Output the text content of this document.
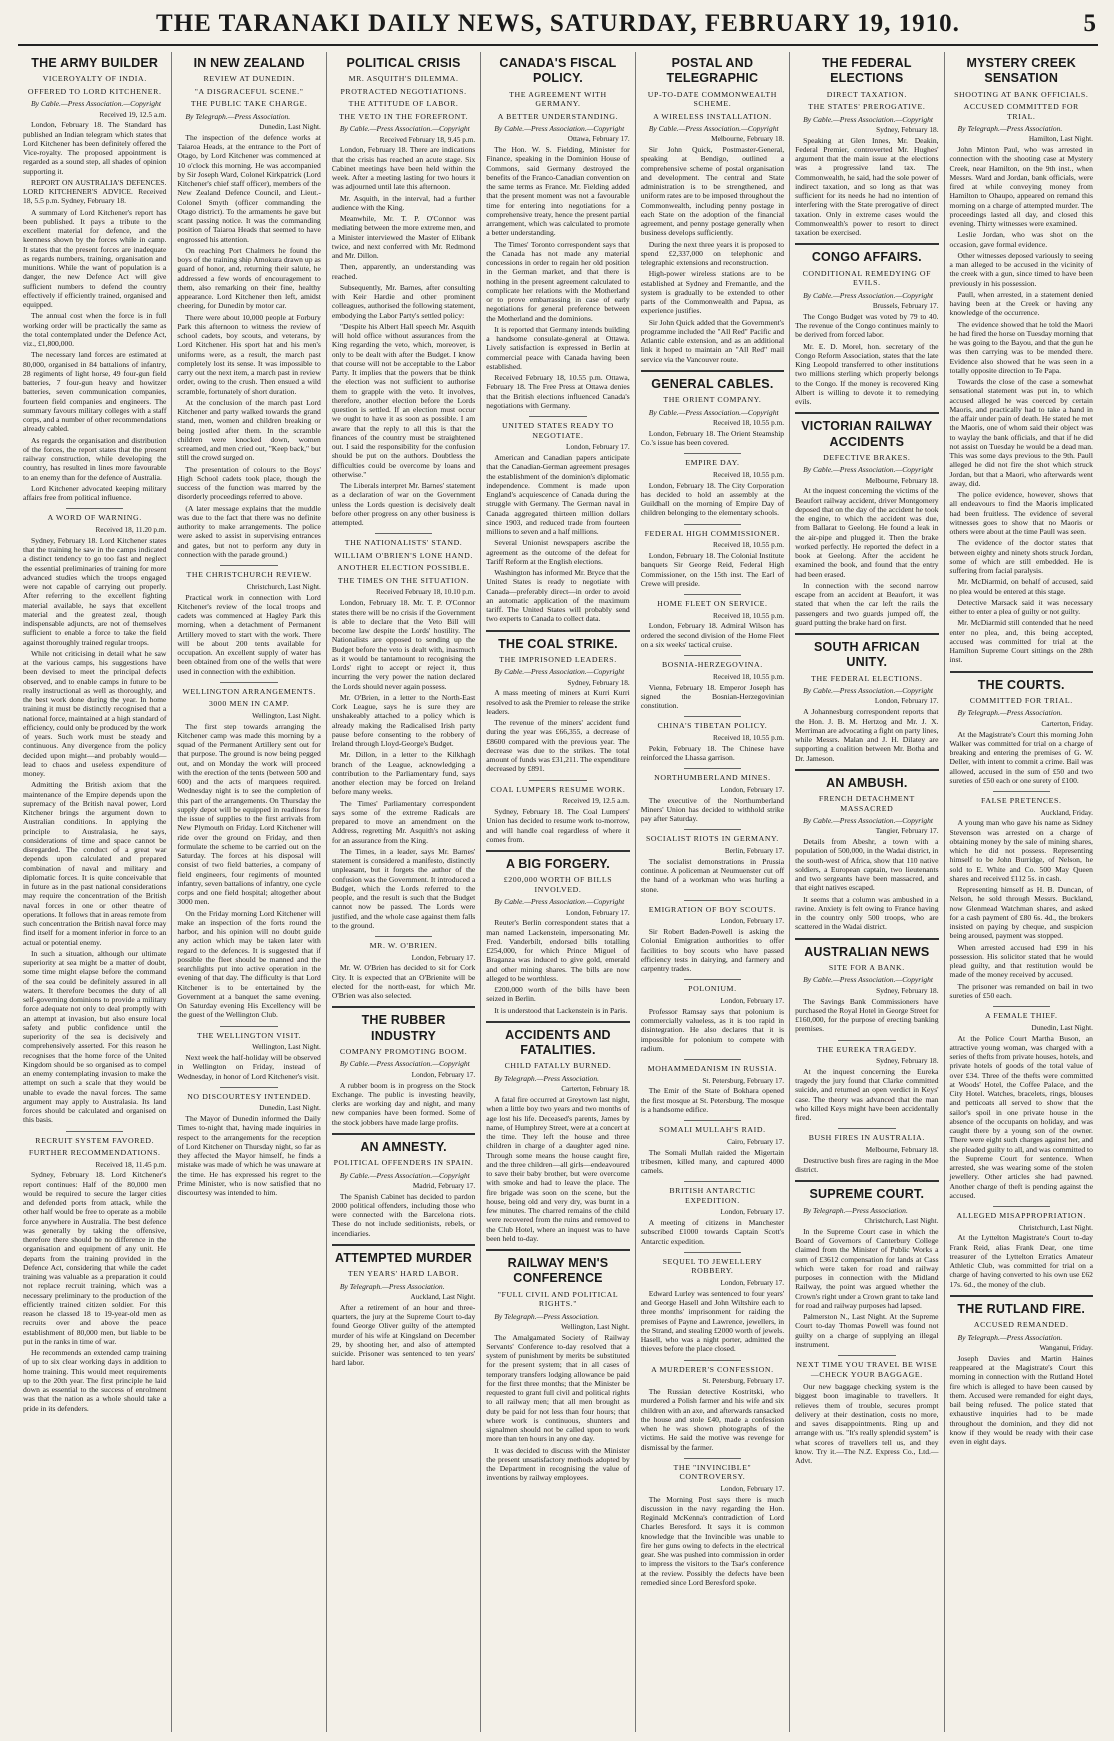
THE TARANAKI DAILY NEWS, SATURDAY, FEBRUARY 19, 1910.	5
THE ARMY BUILDER
VICEROYALTY OF INDIA.
OFFERED TO LORD KITCHENER.
By Cable.—Press Association.—Copyright
Received 19, 12.5 a.m.

London, February 18. The Standard has published an Indian telegram which states that Lord Kitchener has been definitely offered the Vice-royalty. The proposed appointment is regarded as a sound step, all shades of opinion supporting it.

REPORT ON AUSTRALIA'S DEFENCES. LORD KITCHENER'S ADVICE. Received 18, 5.5 p.m. Sydney, February 18.

A summary of Lord Kitchener's report has been published. It pays a tribute to the excellent material for defence, and the keenness shown by the forces while in camp. It states that the present forces are inadequate as regards numbers, training, organisation and munitions. While the want of population is a danger, the new Defence Act will give sufficient numbers to defend the country effectively if efficiently trained, organised and equipped.

The annual cost when the force is in full working order will be practically the same as the total contemplated under the Defence Act, viz., £1,800,000.

The necessary land forces are estimated at 80,000, organised in 84 battalions of infantry, 28 regiments of light horse, 49 four-gun field batteries, 7 four-gun heavy and howitzer batteries, seven communication companies, fourteen field companies and engineers. The summary favours military colleges with a staff corps, and a number of other recommendations already cabled.

As regards the organisation and distribution of the forces, the report states that the present railway construction, while developing the country, has resulted in lines more favourable to an enemy than for the defence of Australia.

Lord Kitchener advocated keeping military affairs free from political influence.

A WORD OF WARNING.
Received 18, 11.20 p.m.

Sydney, February 18. Lord Kitchener states that the training he saw in the camps indicated a distinct tendency to go too fast and neglect the essential preliminaries of training for more advanced studies which the troops engaged were not capable of carrying out properly. After referring to the excellent fighting material available, he says that excellent material and the greatest zeal, though indispensable adjuncts, are not of themselves sufficient to enable a force to take the field against thoroughly trained regular troops.

While not criticising in detail what he saw at the various camps, his suggestions have been devised to meet the principal defects observed, and to enable camps in future to be really instructional as well as thoroughly, and the best work done during the year. In home training it must be distinctly recognised that a national force, maintained at a high standard of efficiency, could only be produced by the work of years. Such work must be steady and continuous. Any divergence from the policy decided upon might—and probably would—lead to chaos and useless expenditure of money.

Admitting the British axiom that the maintenance of the Empire depends upon the supremacy of the British naval power, Lord Kitchener brings the argument down to Australian conditions. In applying the principle to Australasia, he says, considerations of time and space cannot be disregarded. The conduct of a great war depends upon calculated and prepared combination of naval and military and diplomatic forces. It is quite conceivable that in future as in the past national considerations may require the concentration of the British naval forces in one or other theatre of operations. It follows that in areas remote from such concentration the British naval force may find itself for a moment inferior in force to an actual or potential enemy.

In such a situation, although our ultimate superiority at sea might be a matter of doubt, some time might elapse before the command of the sea could be definitely assured in all waters. It therefore becomes the duty of all self-governing dominions to provide a military force adequate not only to deal promptly with an attempt at invasion, but also ensure local safety and public confidence until the superiority of the sea is decisively and comprehensively asserted. For this reason he recognises that the home force of the United Kingdom should be so organised as to compel an enemy contemplating invasion to make the attempt on such a scale that they would be unable to evade the naval forces. The same argument may apply to Australasia. Its land forces should be calculated and organised on this basis.

RECRUIT SYSTEM FAVORED.
FURTHER RECOMMENDATIONS.
Received 18, 11.45 p.m.

Sydney, February 18. Lord Kitchener's report continues: Half of the 80,000 men would be required to secure the larger cities and defended ports from attack, while the other half would be free to operate as a mobile force anywhere in Australia. The best defence was generally by taking the offensive, therefore there should be no difference in the organisation and equipment of any unit. He departs from the training provided in the Defence Act, considering that while the cadet training was valuable as a preparation it could not replace recruit training, which was a necessary preliminary to the production of the efficiently trained citizen soldier. For this reason he classed 18 to 19-year-old men as recruits over and above the peace establishment of 80,000 men, but liable to be put in the ranks in time of war.

He recommends an extended camp training of up to six clear working days in addition to home training. This would meet requirements up to the 20th year. The first principle he laid down as essential to the success of enrolment was that the nation as a whole should take a pride in its defenders.

IN NEW ZEALAND
REVIEW AT DUNEDIN.
"A DISGRACEFUL SCENE."
THE PUBLIC TAKE CHARGE.
By Telegraph.—Press Association.
Dunedin, Last Night.

The inspection of the defence works at Taiaroa Heads, at the entrance to the Port of Otago, by Lord Kitchener was commenced at 10 o'clock this morning. He was accompanied by Sir Joseph Ward, Colonel Kirkpatrick (Lord Kitchener's chief staff officer), members of the New Zealand Defence Council, and Lieut.-Colonel Smyth (officer commanding the Otago district). To the armaments he gave but scant passing notice. It was the commanding position of Taiaroa Heads that seemed to have engrossed his attention.

On reaching Port Chalmers he found the boys of the training ship Amokura drawn up as guard of honor, and, returning their salute, he addressed a few words of encouragement to them, also remarking on their fine, healthy appearance. Lord Kitchener then left, amidst cheering, for Dunedin by motor car.

There were about 10,000 people at Forbury Park this afternoon to witness the review of school cadets, boy scouts, and veterans, by Lord Kitchener. His sport hat and his men's uniforms were, as a result, the march past completely lost its sense. It was impossible to carry out the next item, a march past in review order, owing to the crush. Then ensued a wild scramble, fortunately of short duration.

At the conclusion of the march past Lord Kitchener and party walked towards the grand stand, men, women and children breaking or being jostled after them. In the scramble children were knocked down, women screamed, and men cried out, "Keep back," but still the crowd surged on.

The presentation of colours to the Boys' High School cadets took place, though the success of the function was marred by the disorderly proceedings referred to above.

(A later message explains that the muddle was due to the fact that there was no definite authority to make arrangements. The police were asked to assist in supervising entrances and gates, but not to perform any duty in connection with the parade ground.)

THE CHRISTCHURCH REVIEW.
Christchurch, Last Night.

Practical work in connection with Lord Kitchener's review of the local troops and cadets was commenced at Hagley Park this morning, when a detachment of Permanent Artillery moved to start with the work. There will be about 200 tents available for occupation. An excellent supply of water has been obtained from one of the wells that were used in connection with the exhibition.

WELLINGTON ARRANGEMENTS.
3000 MEN IN CAMP.
Wellington, Last Night.

The first step towards arranging the Kitchener camp was made this morning by a squad of the Permanent Artillery sent out for that purpose. The ground is now being pegged out, and on Monday the work will proceed with the erection of the tents (between 500 and 600) and the acts of marquees required. Wednesday night is to see the completion of this part of the arrangements. On Thursday the supply depot will be equipped in readiness for the issue of supplies to the first arrivals from New Plymouth on Friday. Lord Kitchener will ride over the ground on Friday, and then formulate the scheme to be carried out on the Saturday. The forces at his disposal will consist of two field batteries, a company of field engineers, four regiments of mounted infantry, seven battalions of infantry, one cycle corps and one field hospital; altogether about 3000 men.

On the Friday morning Lord Kitchener will make an inspection of the forts round the harbor, and his opinion will no doubt guide any action which may be taken later with regard to the defences. It is suggested that if possible the fleet should be manned and the searchlights put into active operation in the evening of that day. The difficulty is that Lord Kitchener is to be entertained by the Government at a banquet the same evening. On Saturday evening His Excellency will be the guest of the Wellington Club.

THE WELLINGTON VISIT.
Wellington, Last Night.

Next week the half-holiday will be observed in Wellington on Friday, instead of Wednesday, in honor of Lord Kitchener's visit.

NO DISCOURTESY INTENDED.
Dunedin, Last Night.

The Mayor of Dunedin informed the Daily Times to-night that, having made inquiries in respect to the arrangements for the reception of Lord Kitchener on Thursday night, so far as they affected the Mayor himself, he finds a mistake was made of which he was unaware at the time. He has expressed his regret to the Prime Minister, who is now satisfied that no discourtesy was intended to him.

POLITICAL CRISIS
MR. ASQUITH'S DILEMMA.
PROTRACTED NEGOTIATIONS.
THE ATTITUDE OF LABOR.
THE VETO IN THE FOREFRONT.
By Cable.—Press Association.—Copyright
Received February 18, 9.45 p.m.

London, February 18. There are indications that the crisis has reached an acute stage. Six Cabinet meetings have been held within the week. After a meeting lasting for two hours it was adjourned until late this afternoon.

Mr. Asquith, in the interval, had a further audience with the King.

Meanwhile, Mr. T. P. O'Connor was mediating between the more extreme men, and a Minister interviewed the Master of Elibank twice, and next conferred with Mr. Redmond and Mr. Dillon.

Then, apparently, an understanding was reached.

Subsequently, Mr. Barnes, after consulting with Keir Hardie and other prominent colleagues, authorised the following statement, embodying the Labor Party's settled policy:

"Despite his Albert Hall speech Mr. Asquith will hold office without assurances from the King regarding the veto, which, moreover, is only to be dealt with after the Budget. I know that course will not be acceptable to the Labor Party. It implies that the powers that be think the election was not sufficient to authorise them to grapple with the veto. It involves, therefore, another election before the Lords question is settled. If an election must occur we ought to have it as soon as possible. I am aware that the reply to all this is that the finances of the country must be straightened out. I said the responsibility for the confusion should be put on the authors. Doubtless the difficulties could be overcome by loans and otherwise."

The Liberals interpret Mr. Barnes' statement as a declaration of war on the Government unless the Lords question is decisively dealt before other progress on any other business is attempted.

THE NATIONALISTS' STAND.
WILLIAM O'BRIEN'S LONE HAND.
ANOTHER ELECTION POSSIBLE.
THE TIMES ON THE SITUATION.
Received February 18, 10.10 p.m.

London, February 18. Mr. T. P. O'Connor states there will be no crisis if the Government is able to declare that the Veto Bill will become law despite the Lords' hostility. The Nationalists are opposed to sending up the Budget before the veto is dealt with, inasmuch as it would be tantamount to recognising the Lords' right to accept or reject it, thus incurring the very power the nation declared the Lords should never again possess.

Mr. O'Brien, in a letter to the North-East Cork League, says he is sure they are unshakeably attached to a policy which is already making the Radicalised Irish party pause before consenting to the robbery of Ireland through Lloyd-George's Budget.

Mr. Dillon, in a letter to the Kilkhagh branch of the League, acknowledging a contribution to the Parliamentary fund, says another election may be forced on Ireland before many weeks.

The Times' Parliamentary correspondent says some of the extreme Radicals are prepared to move an amendment on the Address, regretting Mr. Asquith's not asking for an assurance from the King.

The Times, in a leader, says Mr. Barnes' statement is considered a manifesto, distinctly unpleasant, but it forgets the author of the confusion was the Government. It introduced a Budget, which the Lords referred to the people, and the result is such that the Budget cannot now be passed. The Lords were justified, and the whole case against them falls to the ground.

MR. W. O'BRIEN.
London, February 17.

Mr. W. O'Brien has decided to sit for Cork City. It is expected that an O'Brienite will be elected for the north-east, for which Mr. O'Brien was also selected.

THE RUBBER INDUSTRY
COMPANY PROMOTING BOOM.
By Cable.—Press Association.—Copyright
London, February 17.

A rubber boom is in progress on the Stock Exchange. The public is investing heavily, clerks are working day and night, and many new companies have been formed. Some of the stock jobbers have made large profits.

AN AMNESTY.
POLITICAL OFFENDERS IN SPAIN.
By Cable.—Press Association.—Copyright
Madrid, February 17.

The Spanish Cabinet has decided to pardon 2000 political offenders, including those who were connected with the Barcelona riots. These do not include seditionists, rebels, or incendiaries.

ATTEMPTED MURDER
TEN YEARS' HARD LABOR.
By Telegraph.—Press Association.
Auckland, Last Night.

After a retirement of an hour and three-quarters, the jury at the Supreme Court to-day found George Oliver guilty of the attempted murder of his wife at Kingsland on December 29, by shooting her, and also of attempted suicide. Prisoner was sentenced to ten years' hard labor.

CANADA'S FISCAL POLICY.
THE AGREEMENT WITH GERMANY.
A BETTER UNDERSTANDING.
By Cable.—Press Association.—Copyright
Ottawa, February 17.

The Hon. W. S. Fielding, Minister for Finance, speaking in the Dominion House of Commons, said Germany destroyed the benefits of the Franco-Canadian convention on the same terms as France. Mr. Fielding added that the present moment was not a favourable time for entering into negotiations for a comprehensive treaty, hence the present partial arrangement, which was calculated to promote a better understanding.

The Times' Toronto correspondent says that the Canada has not made any material concessions in order to regain her old position in the German market, and that there is nothing in the present agreement calculated to complicate her relations with the Motherland or to prove embarrassing in case of early negotiations for general preference between the Motherland and the dominions.

It is reported that Germany intends building a handsome consulate-general at Ottawa. Lively satisfaction is expressed in Berlin at commercial peace with Canada having been established.

Received February 18, 10.55 p.m. Ottawa, February 18. The Free Press at Ottawa denies that the British elections influenced Canada's negotiations with Germany.

UNITED STATES READY TO NEGOTIATE.
London, February 17.

American and Canadian papers anticipate that the Canadian-German agreement presages the establishment of the dominion's diplomatic independence. Comment is made upon England's acquiescence of Canada during the struggle with Germany. The German naval in Canada aggregated thirteen million dollars since 1903, and reduced trade from fourteen millions to seven and a half millions.

Several Unionist newspapers ascribe the agreement as the outcome of the defeat for Tariff Reform at the English elections.

Washington has informed Mr. Bryce that the United States is ready to negotiate with Canada—preferably direct—in order to avoid an automatic application of the maximum tariff. The United States will probably send two experts to Canada to collect data.

THE COAL STRIKE.
THE IMPRISONED LEADERS.
By Cable.—Press Association.—Copyright
Sydney, February 18.

A mass meeting of miners at Kurri Kurri resolved to ask the Premier to release the strike leaders.

The revenue of the miners' accident fund during the year was £66,355, a decrease of £8600 compared with the previous year. The decrease was due to the strikes. The total amount of funds was £31,211. The expenditure decreased by £891.

COAL LUMPERS RESUME WORK.
Received 19, 12.5 a.m.

Sydney, February 18. The Coal Lumpers' Union has decided to resume work to-morrow, and will handle coal regardless of where it comes from.

A BIG FORGERY.
£200,000 WORTH OF BILLS INVOLVED.
By Cable.—Press Association.—Copyright
London, February 17.

Reuter's Berlin correspondent states that a man named Lackenstein, impersonating Mr. Fred. Vanderbilt, endorsed bills totalling £254,000, for which Prince Miguel of Braganza was induced to give gold, emerald and other mining shares. The bills are now alleged to be worthless.

£200,000 worth of the bills have been seized in Berlin.

It is understood that Lackenstein is in Paris.

ACCIDENTS AND FATALITIES.
CHILD FATALLY BURNED.
By Telegraph.—Press Association.
Carterton, February 18.

A fatal fire occurred at Greytown last night, when a little boy two years and two months of age lost his life. Deceased's parents, James by name, of Humphrey Street, were at a concert at the time. They left the house and three children in charge of a daughter aged nine. Through some means the house caught fire, and the three children—all girls—endeavoured to save their baby brother, but were overcome with smoke and had to leave the place. The fire brigade was soon on the scene, but the house, being old and very dry, was burnt in a few minutes. The charred remains of the child were recovered from the ruins and removed to the Club Hotel, where an inquest was to have been held to-day.

RAILWAY MEN'S CONFERENCE
"FULL CIVIL AND POLITICAL RIGHTS."
By Telegraph.—Press Association.
Wellington, Last Night.

The Amalgamated Society of Railway Servants' Conference to-day resolved that a system of punishment by merits be substituted for the present system; that in all cases of temporary transfers lodging allowance be paid for the first three months; that the Minister be requested to grant full civil and political rights to all railway men; that all men brought as duty be paid for not less than four hours; that where work is continuous, shunters and signalmen should not be called upon to work more than ten hours in any one day.

It was decided to discuss with the Minister the present unsatisfactory methods adopted by the Department in recognising the value of inventions by railway employees.

POSTAL AND TELEGRAPHIC
UP-TO-DATE COMMONWEALTH SCHEME.
A WIRELESS INSTALLATION.
By Cable.—Press Association.—Copyright
Melbourne, February 18.

Sir John Quick, Postmaster-General, speaking at Bendigo, outlined a comprehensive scheme of postal organisation and development. The central and State administration is to be strengthened, and uniform rates are to be imposed throughout the Commonwealth, including penny postage in each State on the adoption of the financial agreement, and penny postage generally when business develops sufficiently.

During the next three years it is proposed to spend £2,337,000 on telephonic and telegraphic extensions and reconstruction.

High-power wireless stations are to be established at Sydney and Fremantle, and the system is gradually to be extended to other parts of the Commonwealth and Papua, as experience justifies.

Sir John Quick added that the Government's programme included the "All Red" Pacific and Atlantic cable extension, and as an additional link it hoped to maintain an "All Red" mail service via the Vancouver route.

GENERAL CABLES.
THE ORIENT COMPANY.
By Cable.—Press Association.—Copyright
Received 18, 10.55 p.m.

London, February 18. The Orient Steamship Co.'s issue has been covered.

EMPIRE DAY.
Received 18, 10.55 p.m.

London, February 18. The City Corporation has decided to hold an assembly at the Guildhall on the morning of Empire Day of children belonging to the elementary schools.

FEDERAL HIGH COMMISSIONER.
Received 18, 10.55 p.m.

London, February 18. The Colonial Institute banquets Sir George Reid, Federal High Commissioner, on the 15th inst. The Earl of Crewe will preside.

HOME FLEET ON SERVICE.
Received 18, 10.55 p.m.

London, February 18. Admiral Wilson has ordered the second division of the Home Fleet on a six weeks' tactical cruise.

BOSNIA-HERZEGOVINA.
Received 18, 10.55 p.m.

Vienna, February 18. Emperor Joseph has signed the Bosnian-Herzegovinian constitution.

CHINA'S TIBETAN POLICY.
Received 18, 10.55 p.m.

Pekin, February 18. The Chinese have reinforced the Lhassa garrison.

NORTHUMBERLAND MINES.
London, February 17.

The executive of the Northumberland Miners' Union has decided to withhold strike pay after Saturday.

SOCIALIST RIOTS IN GERMANY.
Berlin, February 17.

The socialist demonstrations in Prussia continue. A policeman at Neumuenster cut off the hand of a workman who was hurling a stone.

EMIGRATION OF BOY SCOUTS.
London, February 17.

Sir Robert Baden-Powell is asking the Colonial Emigration authorities to offer facilities to boy scouts who have passed efficiency tests in dairying, and farmery and carpentry trades.

POLONIUM.
London, February 17.

Professor Ramsay says that polonium is commercially valueless, as it is too rapid in disintegration. He also declares that it is impossible for polonium to compete with radium.

MOHAMMEDANISM IN RUSSIA.
St. Petersburg, February 17.

The Emir of the State of Bokhara opened the first mosque at St. Petersburg. The mosque is a handsome edifice.

SOMALI MULLAH'S RAID.
Cairo, February 17.

The Somali Mullah raided the Migertain tribesmen, killed many, and captured 4000 camels.

BRITISH ANTARCTIC EXPEDITION.
London, February 17.

A meeting of citizens in Manchester subscribed £1000 towards Captain Scott's Antarctic expedition.

SEQUEL TO JEWELLERY ROBBERY.
London, February 17.

Edward Lurley was sentenced to four years' and George Hasell and John Wiltshire each to three months' imprisonment for raiding the premises of Payne and Lawrence, jewellers, in the Strand, and stealing £2000 worth of jewels. Hasell, who was a night porter, admitted the thieves before the place closed.

A MURDERER'S CONFESSION.
St. Petersburg, February 17.

The Russian detective Kostritski, who murdered a Polish farmer and his wife and six children with an axe, and afterwards ransacked the house and stole £40, made a confession when he was shown photographs of the victims. He said the motive was revenge for dismissal by the farmer.

THE "INVINCIBLE" CONTROVERSY.
London, February 17.

The Morning Post says there is much discussion in the navy regarding the Hon. Reginald McKenna's contradiction of Lord Charles Beresford. It says it is common knowledge that the Invincible was unable to fire her guns owing to defects in the electrical gear. She was pushed into commission in order to impress the visitors to the Tsar's conference at the review. Possibly the defects have been remedied since Lord Beresford spoke.

THE FEDERAL ELECTIONS
DIRECT TAXATION.
THE STATES' PREROGATIVE.
By Cable.—Press Association.—Copyright
Sydney, February 18.

Speaking at Glen Innes, Mr. Deakin, Federal Premier, controverted Mr. Hughes' argument that the main issue at the elections was a progressive land tax. The Commonwealth, he said, had the sole power of indirect taxation, and so long as that was sufficient for its needs he had no intention of interfering with the State prerogative of direct taxation. Only in extreme cases would the Commonwealth's power to resort to direct taxation be exercised.

CONGO AFFAIRS.
CONDITIONAL REMEDYING OF EVILS.
By Cable.—Press Association.—Copyright
Brussels, February 17.

The Congo Budget was voted by 79 to 40. The revenue of the Congo continues mainly to be derived from forced labor.

Mr. E. D. Morel, hon. secretary of the Congo Reform Association, states that the late King Leopold transferred to other institutions two millions sterling which properly belongs to the Congo. If the money is recovered King Albert is willing to devote it to remedying evils.

VICTORIAN RAILWAY ACCIDENTS
DEFECTIVE BRAKES.
By Cable.—Press Association.—Copyright
Melbourne, February 18.

At the inquest concerning the victims of the Beaufort railway accident, driver Montgomery deposed that on the day of the accident he took the engine, to which the accident was due, from Ballarat to Geelong. He found a leak in the air-pipe and plugged it. Then the brake worked perfectly. He reported the defect in a book at Geelong. After the accident he examined the book, and found that the entry had been erased.

In connection with the second narrow escape from an accident at Beaufort, it was stated that when the car left the rails the passengers and two guards jumped off, the guard putting the brake hard on first.

SOUTH AFRICAN UNITY.
THE FEDERAL ELECTIONS.
By Cable.—Press Association.—Copyright
London, February 17.

A Johannesburg correspondent reports that the Hon. J. B. M. Hertzog and Mr. J. X. Merriman are advocating a fight on party lines, while Messrs. Malan and J. H. Dilatey are supporting a coalition between Mr. Botha and Dr. Jameson.

AN AMBUSH.
FRENCH DETACHMENT MASSACRED
By Cable.—Press Association.—Copyright
Tangier, February 17.

Details from Abeshr, a town with a population of 500,000, in the Wadai district, in the south-west of Africa, show that 110 native soldiers, a European captain, two lieutenants and two sergeants have been massacred, and that eight natives escaped.

It seems that a column was ambushed in a ravine. Anxiety is felt owing to France having in the country only 500 troops, who are scattered in the Wadai district.

AUSTRALIAN NEWS
SITE FOR A BANK.
By Cable.—Press Association.—Copyright
Sydney, February 18.

The Savings Bank Commissioners have purchased the Royal Hotel in George Street for £160,000, for the purpose of erecting banking premises.

THE EUREKA TRAGEDY.
Sydney, February 18.

At the inquest concerning the Eureka tragedy the jury found that Clarke committed suicide, and returned an open verdict in Keys' case. The theory was advanced that the man who killed Keys might have been accidentally fired.

BUSH FIRES IN AUSTRALIA.
Melbourne, February 18.

Destructive bush fires are raging in the Moe district.

SUPREME COURT.
By Telegraph.—Press Association.
Christchurch, Last Night.

In the Supreme Court case in which the Board of Governors of Canterbury College claimed from the Minister of Public Works a sum of £3612 compensation for lands at Cass which were taken for road and railway purposes in connection with the Midland Railway, the point was argued whether the Crown's right under a Crown grant to take land for road and railway purposes had lapsed.

Palmerston N., Last Night. At the Supreme Court to-day Thomas Powell was found not guilty on a charge of supplying an illegal instrument.

NEXT TIME YOU TRAVEL BE WISE—CHECK YOUR BAGGAGE.

Our new baggage checking system is the biggest boon imaginable to travellers. It relieves them of trouble, secures prompt delivery at their destination, costs no more, and saves disappointments. Ring up and arrange with us. "It's really splendid system" is what scores of travellers tell us, and they know. Try it.—The N.Z. Express Co., Ltd.—Advt.

MYSTERY CREEK SENSATION
SHOOTING AT BANK OFFICIALS.
ACCUSED COMMITTED FOR TRIAL.
By Telegraph.—Press Association.
Hamilton, Last Night.

John Minton Paul, who was arrested in connection with the shooting case at Mystery Creek, near Hamilton, on the 9th inst., when Messrs. Ward and Jordan, bank officials, were fired at while conveying money from Hamilton to Ohaupo, appeared on remand this morning on a charge of attempted murder. The proceedings lasted all day, and closed this evening. Thirty witnesses were examined.

Leslie Jordan, who was shot on the occasion, gave formal evidence.

Other witnesses deposed variously to seeing a man alleged to be accused in the vicinity of the creek with a gun, since timed to have been previously in his possession.

Paull, when arrested, in a statement denied having been at the Creek or having any knowledge of the occurrence.

The evidence showed that he told the Maori he had fired the horse on Tuesday morning that he was going to the Bayou, and that the gun he was then carrying was to be mended there. Evidence also showed that he was seen in a totally opposite direction to Te Papa.

Towards the close of the case a somewhat sensational statement was put in, to which accused alleged he was coerced by certain Maoris, and practically had to take a hand in the affair under pain of death. He stated he met the Maoris, one of whom said their object was to waylay the bank officials, and that if he did not assist on Tuesday he would be a dead man. This was some days previous to the 9th. Paull alleged he did not fire the shot which struck Jordan, but that a Maori, who afterwards went away, did.

The police evidence, however, shows that all endeavours to find the Maoris implicated had been fruitless. The evidence of several witnesses goes to show that no Maoris or others were about at the time Paull was seen.

The evidence of the doctor states that between eighty and ninety shots struck Jordan, some of which are still embedded. He is suffering from facial paralysis.

Mr. McDiarmid, on behalf of accused, said no plea would be entered at this stage.

Detective Marsack said it was necessary either to enter a plea of guilty or not guilty.

Mr. McDiarmid still contended that he need enter no plea, and, this being accepted, accused was committed for trial at the Hamilton Supreme Court sittings on the 28th inst.

THE COURTS.
COMMITTED FOR TRIAL.
By Telegraph.—Press Association.
Carterton, Friday.

At the Magistrate's Court this morning John Walker was committed for trial on a charge of breaking and entering the premises of G. W. Deller, with intent to commit a crime. Bail was allowed, accused in the sum of £50 and two sureties of £50 each or one surety of £100.

FALSE PRETENCES.
Auckland, Friday.

A young man who gave his name as Sidney Stevenson was arrested on a charge of obtaining money by the sale of mining shares, which he did not possess. Representing himself to be John Burridge, of Nelson, he sold to E. White and Co. 500 May Queen shares and received £112 5s. in cash.

Representing himself as H. B. Duncan, of Nelson, he sold through Messrs. Buckland, now Glenmead Watchman shares, and asked for a cash payment of £80 6s. 4d., the brokers insisted on paying by cheque, and suspicion being aroused, payment was stopped.

When arrested accused had £99 in his possession. His solicitor stated that he would plead guilty, and that restitution would be made of the money received by accused.

The prisoner was remanded on bail in two sureties of £50 each.

A FEMALE THIEF.
Dunedin, Last Night.

At the Police Court Martha Buson, an attractive young woman, was charged with a series of thefts from private houses, hotels, and private hotels of goods of the total value of over £34. Three of the thefts were committed at Woods' Hotel, the Coffee Palace, and the City Hotel. Watches, bracelets, rings, blouses and petticoats all served to show that the sailor's spoil in one private house in the absence of the occupants on holiday, and was caught there by a young son of the owner. There were eight such charges against her, and she pleaded guilty to all, and was committed to the Supreme Court for sentence. When arrested, she was wearing some of the stolen jewellery. Other articles she had pawned. Another charge of theft is pending against the accused.

ALLEGED MISAPPROPRIATION.
Christchurch, Last Night.

At the Lyttelton Magistrate's Court to-day Frank Reid, alias Frank Dear, one time treasurer of the Lyttelton Erratics Amateur Athletic Club, was committed for trial on a charge of having converted to his own use £62 17s. 6d., the money of the club.

THE RUTLAND FIRE.
ACCUSED REMANDED.
By Telegraph.—Press Association.
Wanganui, Friday.

Joseph Davies and Martin Haines reappeared at the Magistrate's Court this morning in connection with the Rutland Hotel fire which is alleged to have been caused by them. Accused were remanded for eight days, bail being refused. The police stated that exhaustive inquiries had to be made throughout the dominion, and they did not know if they would be ready with their case even in eight days.
